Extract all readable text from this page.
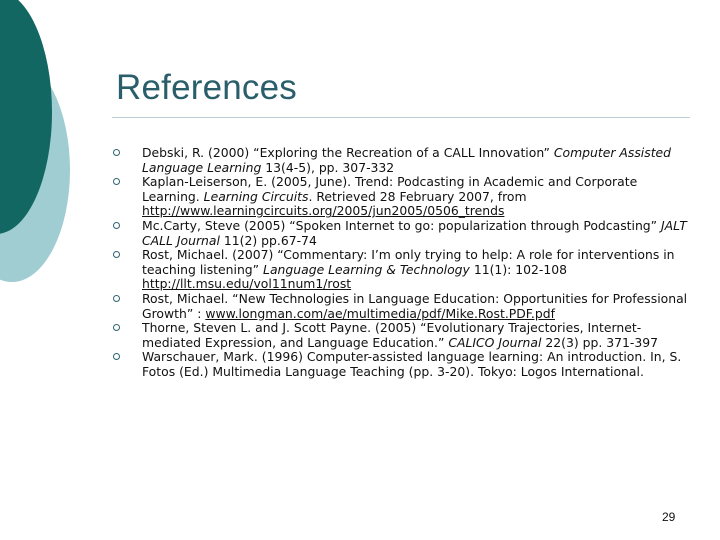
References
Debski, R. (2000) “Exploring the Recreation of a CALL Innovation” Computer Assisted Language Learning 13(4-5), pp. 307-332
Kaplan-Leiserson, E. (2005, June). Trend: Podcasting in Academic and Corporate Learning. Learning Circuits. Retrieved 28 February 2007, from http://www.learningcircuits.org/2005/jun2005/0506_trends
Mc.Carty, Steve (2005) “Spoken Internet to go: popularization through Podcasting” JALT CALL Journal 11(2) pp.67-74
Rost, Michael. (2007) “Commentary: I’m only trying to help: A role for interventions in teaching listening” Language Learning & Technology 11(1): 102-108 http://llt.msu.edu/vol11num1/rost
Rost, Michael. “New Technologies in Language Education: Opportunities for Professional Growth” : www.longman.com/ae/multimedia/pdf/Mike.Rost.PDF.pdf
Thorne, Steven L. and J. Scott Payne. (2005) “Evolutionary Trajectories, Internet-mediated Expression, and Language Education.” CALICO Journal 22(3) pp. 371-397
Warschauer, Mark. (1996) Computer-assisted language learning: An introduction. In, S. Fotos (Ed.) Multimedia Language Teaching (pp. 3-20). Tokyo: Logos International.
29
